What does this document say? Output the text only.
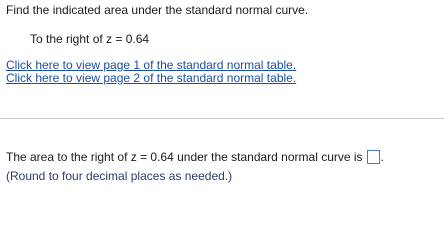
Find the indicated area under the standard normal curve.
To the right of z = 0.64
Click here to view page 1 of the standard normal table.
Click here to view page 2 of the standard normal table.
The area to the right of z = 0.64 under the standard normal curve is .
(Round to four decimal places as needed.)
